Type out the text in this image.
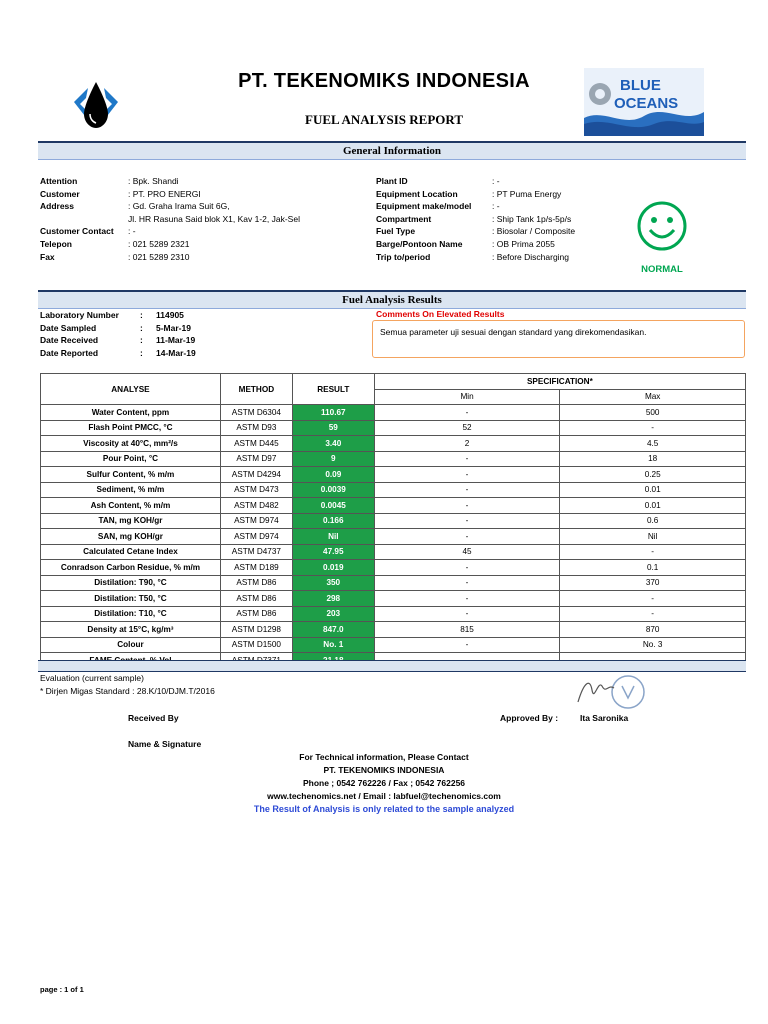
PT. TEKENOMIKS INDONESIA
FUEL ANALYSIS REPORT
BLUE
OCEANS
General Information
Attention	: Bpk. Shandi
Customer	: PT. PRO ENERGI
Address	: Gd. Graha Irama Suit 6G,
Jl. HR Rasuna Said blok X1, Kav 1-2, Jak-Sel
Customer Contact	: -
Telepon	: 021 5289 2321
Fax	: 021 5289 2310
Plant ID	: -
Equipment Location	: PT Puma Energy
Equipment make/model	: -
Compartment	: Ship Tank 1p/s-5p/s
Fuel Type	: Biosolar / Composite
Barge/Pontoon Name	: OB Prima 2055
Trip to/period	: Before Discharging
NORMAL
Fuel Analysis Results
Laboratory Number	:	114905
Date Sampled	:	5-Mar-19
Date Received	:	11-Mar-19
Date Reported	:	14-Mar-19
Comments On Elevated Results
Semua parameter uji sesuai dengan standard yang direkomendasikan.
ANALYSE	METHOD	RESULT	SPECIFICATION*	
			Min	Max
Water Content, ppm	ASTM D6304	110.67	-	500
Flash Point PMCC, °C	ASTM D93	59	52	-
Viscosity at 40°C, mm²/s	ASTM D445	3.40	2	4.5
Pour Point, °C	ASTM D97	9	-	18
Sulfur Content, % m/m	ASTM D4294	0.09	-	0.25
Sediment, % m/m	ASTM D473	0.0039	-	0.01
Ash Content, % m/m	ASTM D482	0.0045	-	0.01
TAN, mg KOH/gr	ASTM D974	0.166	-	0.6
SAN, mg KOH/gr	ASTM D974	Nil	-	Nil
Calculated Cetane Index	ASTM D4737	47.95	45	-
Conradson Carbon Residue, % m/m	ASTM D189	0.019	-	0.1
Distilation: T90, °C	ASTM D86	350	-	370
Distilation: T50, °C	ASTM D86	298	-	-
Distilation: T10, °C	ASTM D86	203	-	-
Density at 15°C, kg/m³	ASTM D1298	847.0	815	870
Colour	ASTM D1500	No. 1	-	No. 3

Evaluation (current sample)
* Dirjen Migas Standard : 28.K/10/DJM.T/2016
Received By	Approved By :	Ita Saronika
Name & Signature
For Technical information, Please Contact
PT. TEKENOMIKS INDONESIA
Phone ; 0542 762226 / Fax ; 0542 762256
www.techenomics.net / Email : labfuel@techenomics.com
The Result of Analysis is only related to the sample analyzed
page : 1 of 1
